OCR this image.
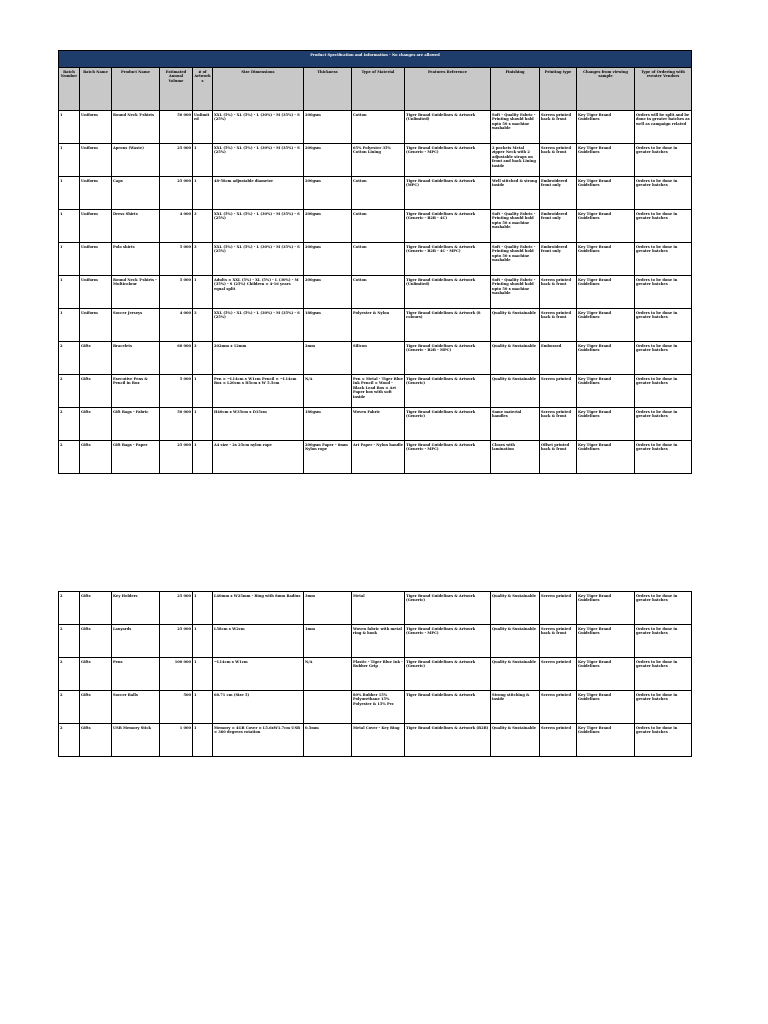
Product Specification and Information - No changes are allowed												
Batch Number	Batch Name	Product Name	Estimated Annual Volume	# of Artworks	Size Dimensions	Thickness	Type of Material	Features Reference	Finishing	Printing type	Changes from viewing sample	Type of Ordering with eventer Vendors
1	Uniform	Round Neck T-shirts	50 000	Unlimited	XXL (5%) - XL (5%) - L (30%) - M (35%) - S (25%)	200gsm	Cotton	Tiger Brand Guidelines & Artwork (Unlimited)	Soft - Quality Fabric - Printing should hold upto 50 x machine washable	Screen printed back & front	Key Tiger Brand Guidelines	Orders will be split and be done in greater batches as well as campaign related
1	Uniform	Aprons (Waste)	25 000	1	XXL (5%) - XL (5%) - L (30%) - M (35%) - S (25%)	200gsm	65% Polyester 35% Cotton Lining	Tiger Brand Guidelines & Artwork (Generic - MPC)	2 pockets Metal zipper Neck with 2 adjustable straps on front and back Lining inside	Screen printed back & front	Key Tiger Brand Guidelines	Orders to be done in greater batches
1	Uniform	Caps	25 000	1	48-58cm adjustable diameter	200gsm	Cotton	Tiger Brand Guidelines & Artwork (MPC)	Well stitched & strong inside	Embroidered front only	Key Tiger Brand Guidelines	Orders to be done in greater batches
1	Uniform	Dress Shirts	4 000	3	XXL (5%) - XL (5%) - L (30%) - M (35%) - S (25%)	200gsm	Cotton	Tiger Brand Guidelines & Artwork (Generic - B2B - 4C)	Soft - Quality Fabric - Printing should hold upto 50 x machine washable	Embroidered front only	Key Tiger Brand Guidelines	Orders to be done in greater batches
1	Uniform	Polo shirts	5 000	3	XXL (5%) - XL (5%) - L (30%) - M (35%) - S (25%)	200gsm	Cotton	Tiger Brand Guidelines & Artwork (Generic - B2B - 4C - MPC)	Soft - Quality Fabric - Printing should hold upto 50 x machine washable	Embroidered front only	Key Tiger Brand Guidelines	Orders to be done in greater batches
1	Uniform	Round Neck T-shirts - Multicolour	5 000	1	Adults = XXL (5%) - XL (5%) - L (30%) - M (35%) - S (25%) Children = 4-16 years equal split	200gsm	Cotton	Tiger Brand Guidelines & Artwork (Unlimited)	Soft - Quality Fabric - Printing should hold upto 50 x machine washable	Screen printed back & front	Key Tiger Brand Guidelines	Orders to be done in greater batches
1	Uniform	Soccer Jerseys	4 000	3	XXL (5%) - XL (5%) - L (30%) - M (35%) - S (25%)	180gsm	Polyester & Nylon	Tiger Brand Guidelines & Artwork (8 colours)	Quality & Sustainable	Screen printed back & front	Key Tiger Brand Guidelines	Orders to be done in greater batches
2	Gifts	Bracelets	60 000	3	202mm x 12mm	2mm	Silicon	Tiger Brand Guidelines & Artwork (Generic - B2B - MPC)	Quality & Sustainable	Embossed	Key Tiger Brand Guidelines	Orders to be done in greater batches
2	Gifts	Executive Pens & Pencil in Box	5 000	1	Pen = ~L14cm x W1cm Pencil = ~L14cm Box = L20cm x H5cm x W 5.5cm	N/A	Pen = Metal - Tiger Blue Ink Pencil = Wood - Black Lead Box = Art Paper box with soft inside	Tiger Brand Guidelines & Artwork (Generic)	Quality & Sustainable	Screen printed	Key Tiger Brand Guidelines	Orders to be done in greater batches
2	Gifts	Gift Bags - Fabric	50 000	1	H40cm x W35cm x D15cm	180gsm	Woven Fabric	Tiger Brand Guidelines & Artwork (Generic)	Same material handles	Screen printed back & front	Key Tiger Brand Guidelines	Orders to be done in greater batches
2	Gifts	Gift Bags - Paper	25 000	1	A4 size - 2x 25cm nylon rope	200gsm Paper - 6mm Nylon rope	Art Paper - Nylon handle	Tiger Brand Guidelines & Artwork (Generic - MPC)	Closes with lamination	Offset printed back & front	Key Tiger Brand Guidelines	Orders to be done in greater batches
2	Gifts	Key Holders	25 000	1	L40mm x W25mm - Ring with 8mm Radius	3mm	Metal	Tiger Brand Guidelines & Artwork (Generic)	Quality & Sustainable	Screen printed	Key Tiger Brand Guidelines	Orders to be done in greater batches
2	Gifts	Lanyards	25 000	1	L58cm x W2cm	1mm	Woven fabric with metal ring & hook	Tiger Brand Guidelines & Artwork (Generic - MPC)	Quality & Sustainable	Screen printed back & front	Key Tiger Brand Guidelines	Orders to be done in greater batches
2	Gifts	Pens	100 000	1	~L14cm x W1cm	N/A	Plastic - Tiger Blue Ink - Rubber Grip	Tiger Brand Guidelines & Artwork (Generic)	Quality & Sustainable	Screen printed	Key Tiger Brand Guidelines	Orders to be done in greater batches
2	Gifts	Soccer Balls	500	1	68.71 cm (Size 5)		80% Rubber 15% Polyurethane 15% Polyester & 15% Pvc	Tiger Brand Guidelines & Artwork	Strong stitching & inside	Screen printed	Key Tiger Brand Guidelines	Orders to be done in greater batches
2	Gifts	USB Memory Stick	1 000	1	Memory = 4GB Cover = L5.6xW1.7cm USB = 360 degrees rotation	0.5mm	Metal Cover - Key Ring	Tiger Brand Guidelines & Artwork (B2B)	Quality & Sustainable	Screen printed	Key Tiger Brand Guidelines	Orders to be done in greater batches
